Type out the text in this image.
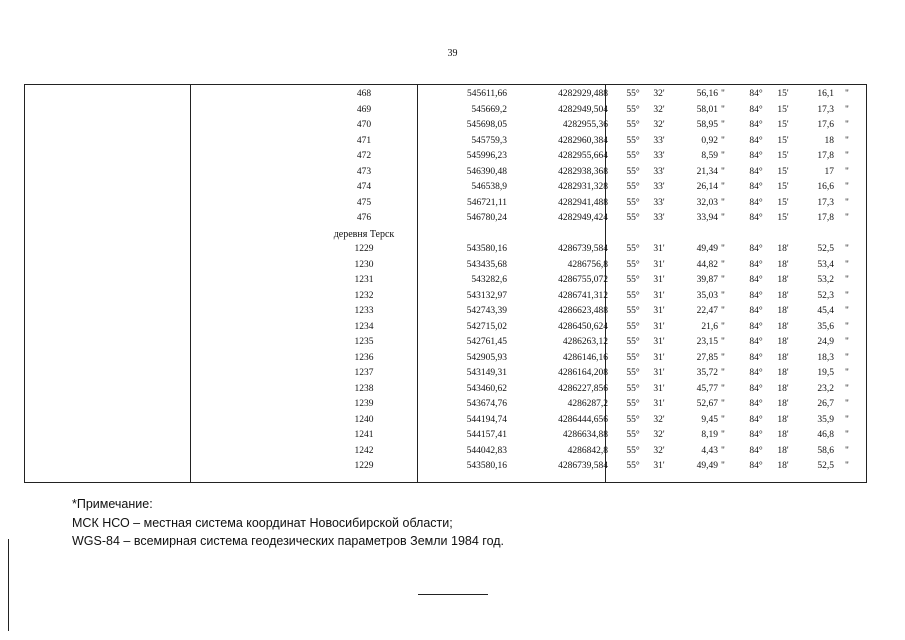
39
468	545611,66	4282929,488	55°	32'	56,16 "	84°	15'	16,1	"
469	545669,2	4282949,504	55°	32'	58,01 "	84°	15'	17,3	"
470	545698,05	4282955,36	55°	32'	58,95 "	84°	15'	17,6	"
471	545759,3	4282960,384	55°	33'	0,92 "	84°	15'	18	"
472	545996,23	4282955,664	55°	33'	8,59 "	84°	15'	17,8	"
473	546390,48	4282938,368	55°	33'	21,34 "	84°	15'	17	"
474	546538,9	4282931,328	55°	33'	26,14 "	84°	15'	16,6	"
475	546721,11	4282941,488	55°	33'	32,03 "	84°	15'	17,3	"
476	546780,24	4282949,424	55°	33'	33,94 "	84°	15'	17,8	"
деревня Терск
1229	543580,16	4286739,584	55°	31'	49,49 "	84°	18'	52,5	"
1230	543435,68	4286756,8	55°	31'	44,82 "	84°	18'	53,4	"
1231	543282,6	4286755,072	55°	31'	39,87 "	84°	18'	53,2	"
1232	543132,97	4286741,312	55°	31'	35,03 "	84°	18'	52,3	"
1233	542743,39	4286623,488	55°	31'	22,47 "	84°	18'	45,4	"
1234	542715,02	4286450,624	55°	31'	21,6 "	84°	18'	35,6	"
1235	542761,45	4286263,12	55°	31'	23,15 "	84°	18'	24,9	"
1236	542905,93	4286146,16	55°	31'	27,85 "	84°	18'	18,3	"
1237	543149,31	4286164,208	55°	31'	35,72 "	84°	18'	19,5	"
1238	543460,62	4286227,856	55°	31'	45,77 "	84°	18'	23,2	"
1239	543674,76	4286287,2	55°	31'	52,67 "	84°	18'	26,7	"
1240	544194,74	4286444,656	55°	32'	9,45 "	84°	18'	35,9	"
1241	544157,41	4286634,88	55°	32'	8,19 "	84°	18'	46,8	"
1242	544042,83	4286842,8	55°	32'	4,43 "	84°	18'	58,6	"
1229	543580,16	4286739,584	55°	31'	49,49 "	84°	18'	52,5	"
*Примечание:
МСК НСО – местная система координат Новосибирской области;
WGS-84 – всемирная система геодезических параметров Земли 1984 год.
